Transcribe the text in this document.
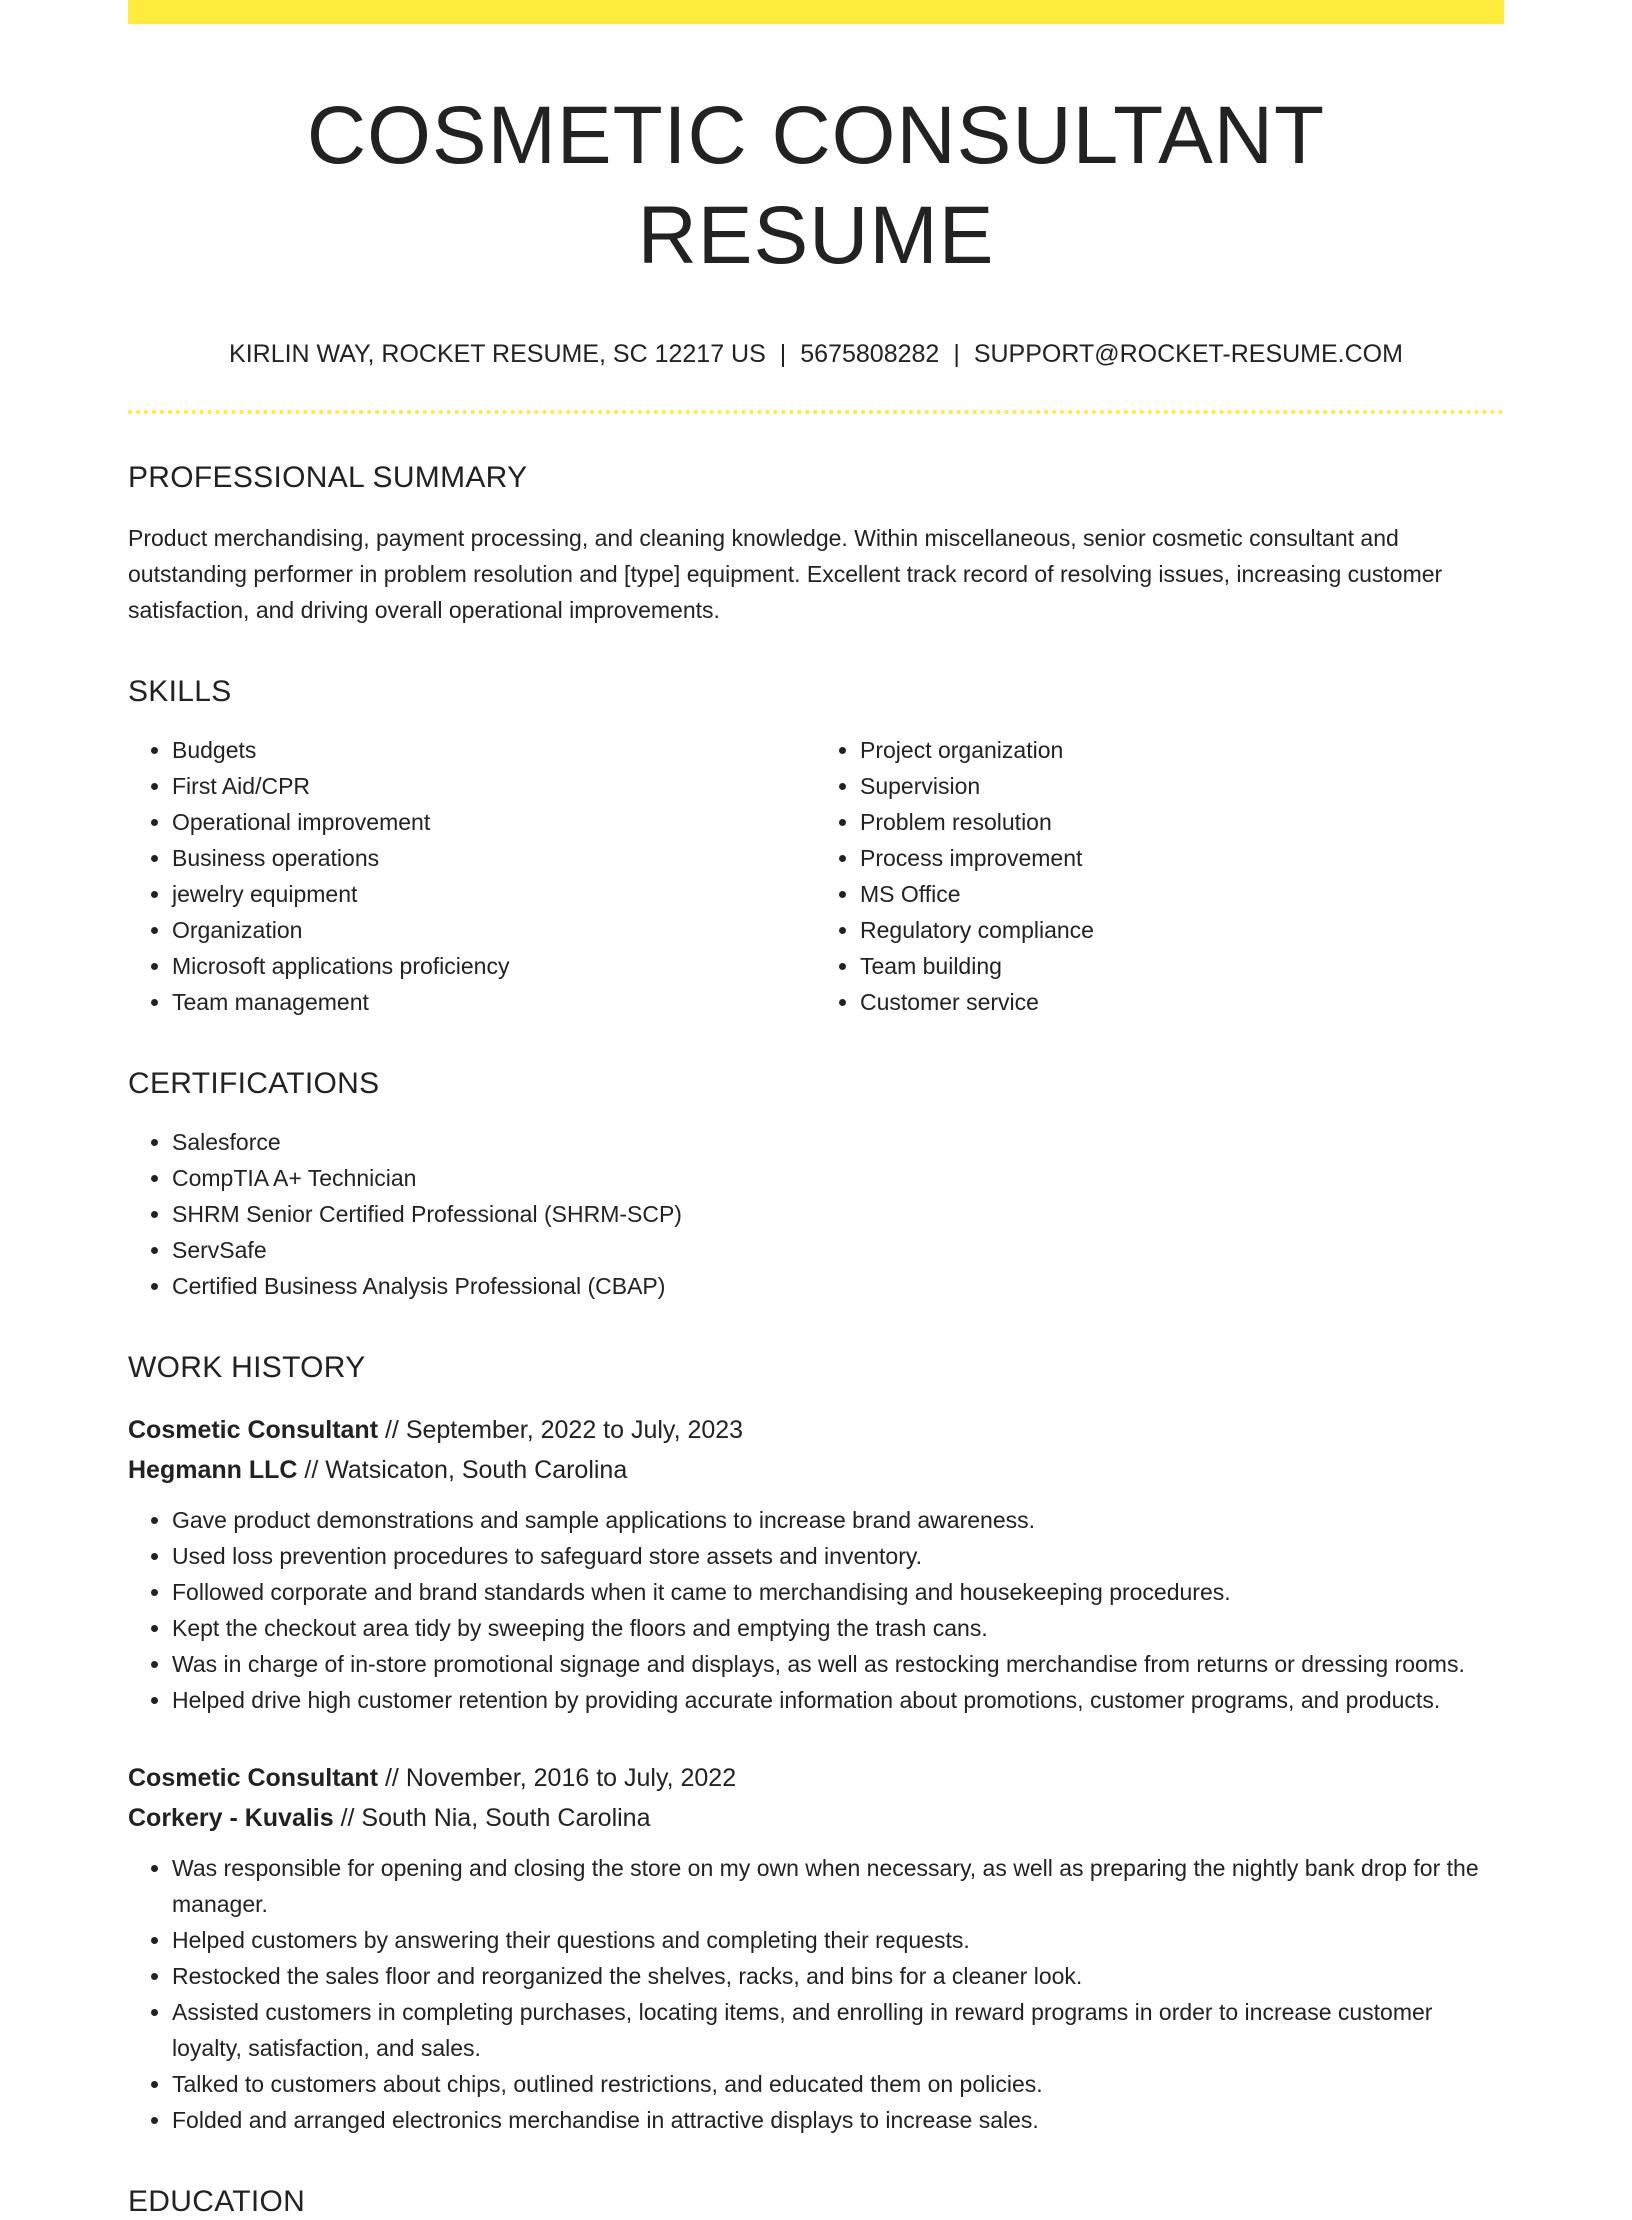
COSMETIC CONSULTANT RESUME
KIRLIN WAY, ROCKET RESUME, SC 12217 US | 5675808282 | SUPPORT@ROCKET-RESUME.COM
PROFESSIONAL SUMMARY
Product merchandising, payment processing, and cleaning knowledge. Within miscellaneous, senior cosmetic consultant and outstanding performer in problem resolution and [type] equipment. Excellent track record of resolving issues, increasing customer satisfaction, and driving overall operational improvements.
SKILLS
• Budgets
• First Aid/CPR
• Operational improvement
• Business operations
• jewelry equipment
• Organization
• Microsoft applications proficiency
• Team management
• Project organization
• Supervision
• Problem resolution
• Process improvement
• MS Office
• Regulatory compliance
• Team building
• Customer service
CERTIFICATIONS
• Salesforce
• CompTIA A+ Technician
• SHRM Senior Certified Professional (SHRM-SCP)
• ServSafe
• Certified Business Analysis Professional (CBAP)
WORK HISTORY
Cosmetic Consultant // September, 2022 to July, 2023
Hegmann LLC // Watsicaton, South Carolina
• Gave product demonstrations and sample applications to increase brand awareness.
• Used loss prevention procedures to safeguard store assets and inventory.
• Followed corporate and brand standards when it came to merchandising and housekeeping procedures.
• Kept the checkout area tidy by sweeping the floors and emptying the trash cans.
• Was in charge of in-store promotional signage and displays, as well as restocking merchandise from returns or dressing rooms.
• Helped drive high customer retention by providing accurate information about promotions, customer programs, and products.
Cosmetic Consultant // November, 2016 to July, 2022
Corkery - Kuvalis // South Nia, South Carolina
• Was responsible for opening and closing the store on my own when necessary, as well as preparing the nightly bank drop for the manager.
• Helped customers by answering their questions and completing their requests.
• Restocked the sales floor and reorganized the shelves, racks, and bins for a cleaner look.
• Assisted customers in completing purchases, locating items, and enrolling in reward programs in order to increase customer loyalty, satisfaction, and sales.
• Talked to customers about chips, outlined restrictions, and educated them on policies.
• Folded and arranged electronics merchandise in attractive displays to increase sales.
EDUCATION
